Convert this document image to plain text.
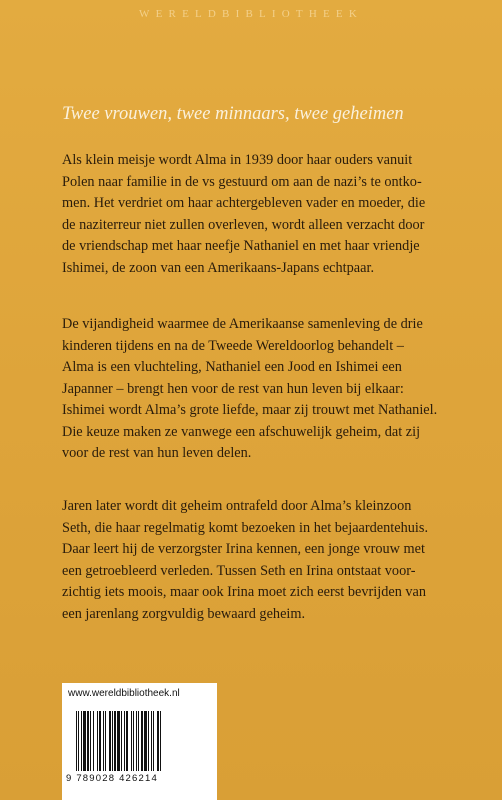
WERELDBIBLIOTHEEK
Twee vrouwen, twee minnaars, twee geheimen
Als klein meisje wordt Alma in 1939 door haar ouders vanuit
Polen naar familie in de vs gestuurd om aan de nazi’s te ontko-
men. Het verdriet om haar achtergebleven vader en moeder, die
de naziterreur niet zullen overleven, wordt alleen verzacht door
de vriendschap met haar neefje Nathaniel en met haar vriendje
Ishimei, de zoon van een Amerikaans-Japans echtpaar.
De vijandigheid waarmee de Amerikaanse samenleving de drie
kinderen tijdens en na de Tweede Wereldoorlog behandelt –
Alma is een vluchteling, Nathaniel een Jood en Ishimei een
Japanner – brengt hen voor de rest van hun leven bij elkaar:
Ishimei wordt Alma’s grote liefde, maar zij trouwt met Nathaniel.
Die keuze maken ze vanwege een afschuwelijk geheim, dat zij
voor de rest van hun leven delen.
Jaren later wordt dit geheim ontrafeld door Alma’s kleinzoon
Seth, die haar regelmatig komt bezoeken in het bejaardentehuis.
Daar leert hij de verzorgster Irina kennen, een jonge vrouw met
een getroebleerd verleden. Tussen Seth en Irina ontstaat voor-
zichtig iets moois, maar ook Irina moet zich eerst bevrijden van
een jarenlang zorgvuldig bewaard geheim.
www.wereldbibliotheek.nl
9 789028 426214
